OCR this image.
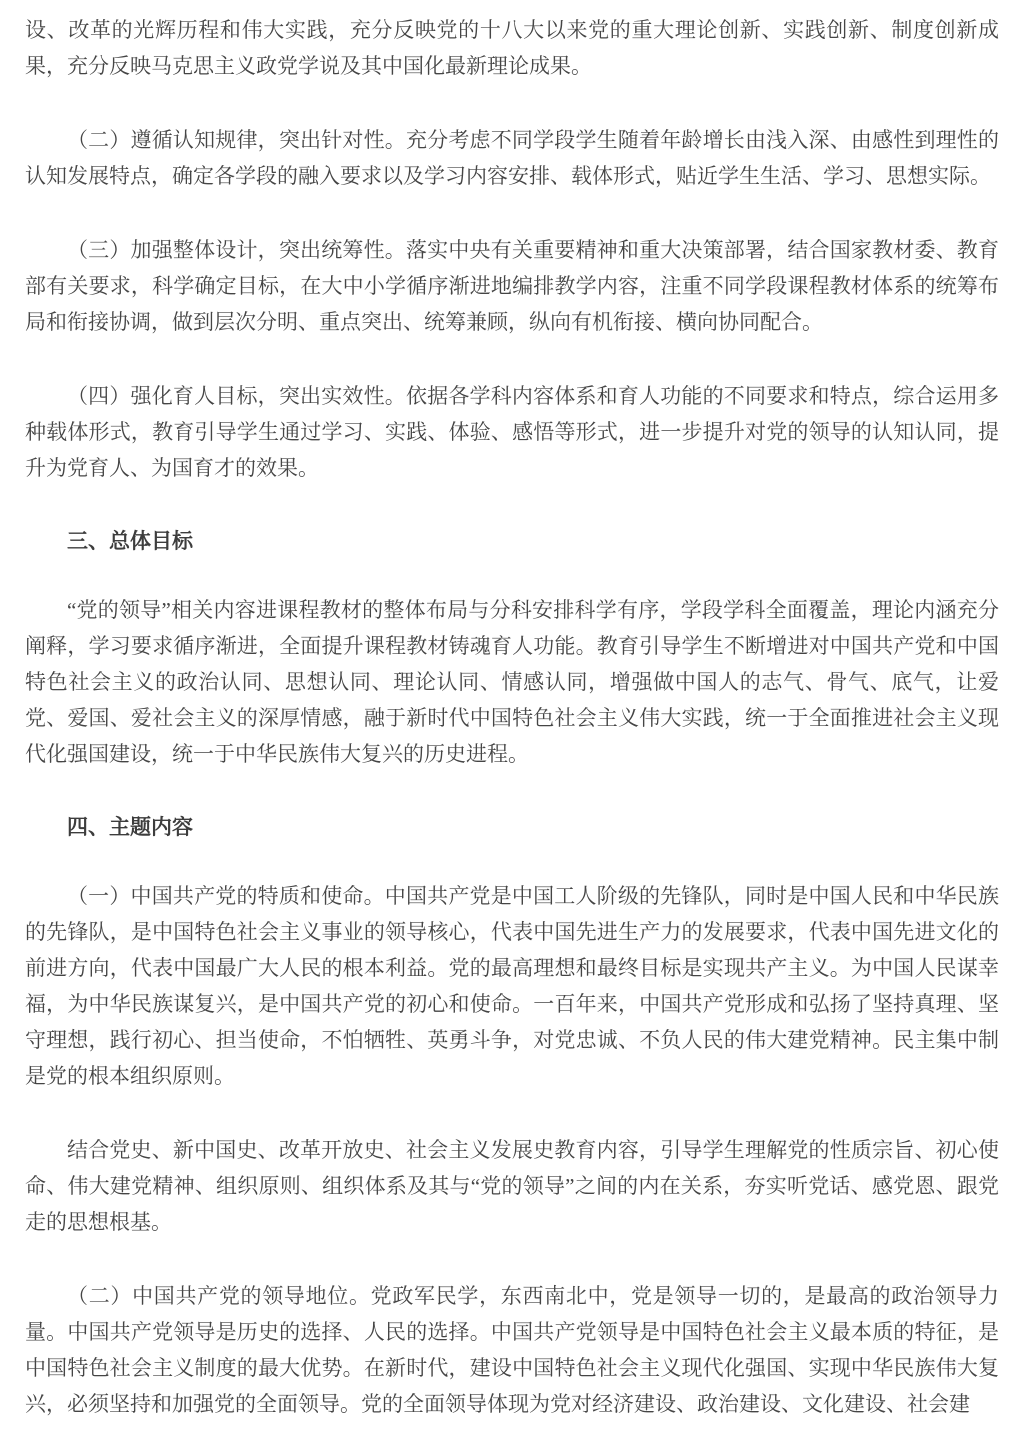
设、改革的光辉历程和伟大实践，充分反映党的十八大以来党的重大理论创新、实践创新、制度创新成果，充分反映马克思主义政党学说及其中国化最新理论成果。

（二）遵循认知规律，突出针对性。充分考虑不同学段学生随着年龄增长由浅入深、由感性到理性的认知发展特点，确定各学段的融入要求以及学习内容安排、载体形式，贴近学生生活、学习、思想实际。

（三）加强整体设计，突出统筹性。落实中央有关重要精神和重大决策部署，结合国家教材委、教育部有关要求，科学确定目标，在大中小学循序渐进地编排教学内容，注重不同学段课程教材体系的统筹布局和衔接协调，做到层次分明、重点突出、统筹兼顾，纵向有机衔接、横向协同配合。

（四）强化育人目标，突出实效性。依据各学科内容体系和育人功能的不同要求和特点，综合运用多种载体形式，教育引导学生通过学习、实践、体验、感悟等形式，进一步提升对党的领导的认知认同，提升为党育人、为国育才的效果。

三、总体目标

“党的领导”相关内容进课程教材的整体布局与分科安排科学有序，学段学科全面覆盖，理论内涵充分阐释，学习要求循序渐进，全面提升课程教材铸魂育人功能。教育引导学生不断增进对中国共产党和中国特色社会主义的政治认同、思想认同、理论认同、情感认同，增强做中国人的志气、骨气、底气，让爱党、爱国、爱社会主义的深厚情感，融于新时代中国特色社会主义伟大实践，统一于全面推进社会主义现代化强国建设，统一于中华民族伟大复兴的历史进程。

四、主题内容

（一）中国共产党的特质和使命。中国共产党是中国工人阶级的先锋队，同时是中国人民和中华民族的先锋队，是中国特色社会主义事业的领导核心，代表中国先进生产力的发展要求，代表中国先进文化的前进方向，代表中国最广大人民的根本利益。党的最高理想和最终目标是实现共产主义。为中国人民谋幸福，为中华民族谋复兴，是中国共产党的初心和使命。一百年来，中国共产党形成和弘扬了坚持真理、坚守理想，践行初心、担当使命，不怕牺牲、英勇斗争，对党忠诚、不负人民的伟大建党精神。民主集中制是党的根本组织原则。

结合党史、新中国史、改革开放史、社会主义发展史教育内容，引导学生理解党的性质宗旨、初心使命、伟大建党精神、组织原则、组织体系及其与“党的领导”之间的内在关系，夯实听党话、感党恩、跟党走的思想根基。

（二）中国共产党的领导地位。党政军民学，东西南北中，党是领导一切的，是最高的政治领导力量。中国共产党领导是历史的选择、人民的选择。中国共产党领导是中国特色社会主义最本质的特征，是中国特色社会主义制度的最大优势。在新时代，建设中国特色社会主义现代化强国、实现中华民族伟大复兴，必须坚持和加强党的全面领导。党的全面领导体现为党对经济建设、政治建设、文化建设、社会建
